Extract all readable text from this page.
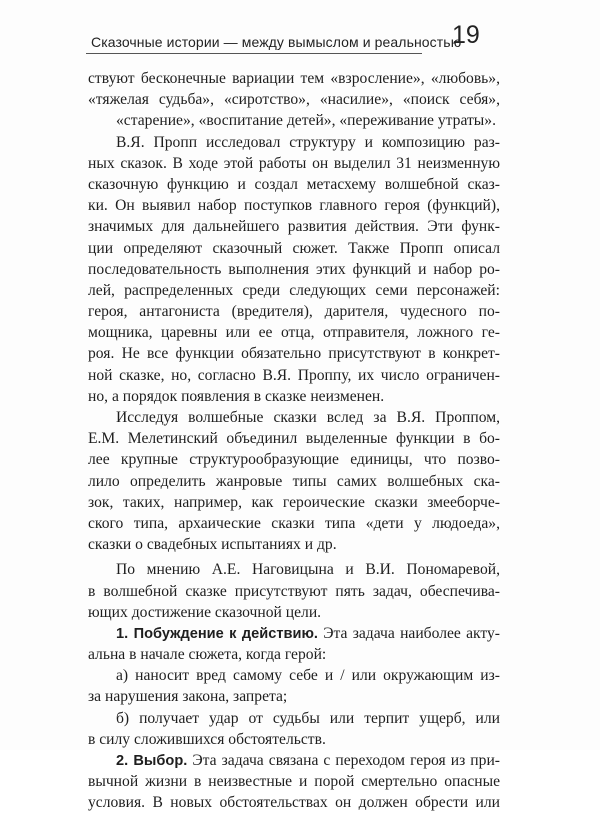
Сказочные истории — между вымыслом и реальностью
19
ствуют бесконечные вариации тем «взросление», «любовь»,
«тяжелая судьба», «сиротство», «насилие», «поиск себя»,
«старение», «воспитание детей», «переживание утраты».
В.Я. Пропп исследовал структуру и композицию раз-
ных сказок. В ходе этой работы он выделил 31 неизменную
сказочную функцию и создал метасхему волшебной сказ-
ки. Он выявил набор поступков главного героя (функций),
значимых для дальнейшего развития действия. Эти функ-
ции определяют сказочный сюжет. Также Пропп описал
последовательность выполнения этих функций и набор ро-
лей, распределенных среди следующих семи персонажей:
героя, антагониста (вредителя), дарителя, чудесного по-
мощника, царевны или ее отца, отправителя, ложного ге-
роя. Не все функции обязательно присутствуют в конкрет-
ной сказке, но, согласно В.Я. Проппу, их число ограничен-
но, а порядок появления в сказке неизменен.
Исследуя волшебные сказки вслед за В.Я. Проппом,
Е.М. Мелетинский объединил выделенные функции в бо-
лее крупные структурообразующие единицы, что позво-
лило определить жанровые типы самих волшебных ска-
зок, таких, например, как героические сказки змееборче-
ского типа, архаические сказки типа «дети у людоеда»,
сказки о свадебных испытаниях и др.
По мнению А.Е. Наговицына и В.И. Пономаревой,
в волшебной сказке присутствуют пять задач, обеспечива-
ющих достижение сказочной цели.
1. Побуждение к действию. Эта задача наиболее акту-
альна в начале сюжета, когда герой:
а) наносит вред самому себе и / или окружающим из-
за нарушения закона, запрета;
б) получает удар от судьбы или терпит ущерб, или
в силу сложившихся обстоятельств.
2. Выбор. Эта задача связана с переходом героя из при-
вычной жизни в неизвестные и порой смертельно опасные
условия. В новых обстоятельствах он должен обрести или
